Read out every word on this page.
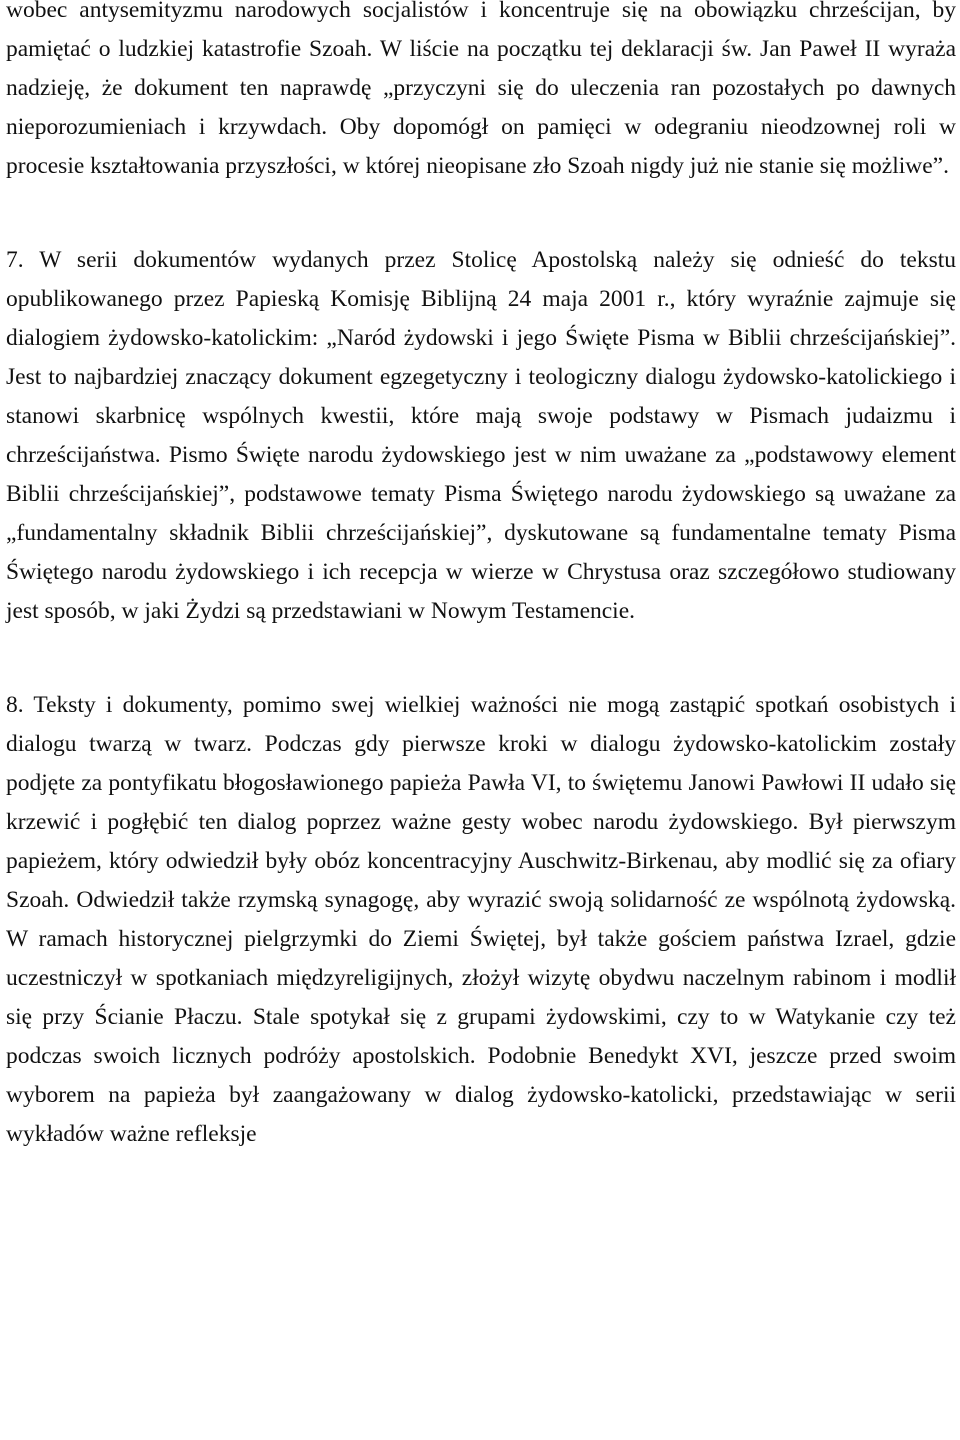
wobec antysemityzmu narodowych socjalistów i koncentruje się na obowiązku chrześcijan, by pamiętać o ludzkiej katastrofie Szoah. W liście na początku tej deklaracji św. Jan Paweł II wyraża nadzieję, że dokument ten naprawdę „przyczyni się do uleczenia ran pozostałych po dawnych nieporozumieniach i krzywdach. Oby dopomógł on pamięci w odegraniu nieodzownej roli w procesie kształtowania przyszłości, w której nieopisane zło Szoah nigdy już nie stanie się możliwe”.

7. W serii dokumentów wydanych przez Stolicę Apostolską należy się odnieść do tekstu opublikowanego przez Papieską Komisję Biblijną 24 maja 2001 r., który wyraźnie zajmuje się dialogiem żydowsko-katolickim: „Naród żydowski i jego Święte Pisma w Biblii chrześcijańskiej”. Jest to najbardziej znaczący dokument egzegetyczny i teologiczny dialogu żydowsko-katolickiego i stanowi skarbnicę wspólnych kwestii, które mają swoje podstawy w Pismach judaizmu i chrześcijaństwa. Pismo Święte narodu żydowskiego jest w nim uważane za „podstawowy element Biblii chrześcijańskiej”, podstawowe tematy Pisma Świętego narodu żydowskiego są uważane za „fundamentalny składnik Biblii chrześcijańskiej”, dyskutowane są fundamentalne tematy Pisma Świętego narodu żydowskiego i ich recepcja w wierze w Chrystusa oraz szczegółowo studiowany jest sposób, w jaki Żydzi są przedstawiani w Nowym Testamencie.

8. Teksty i dokumenty, pomimo swej wielkiej ważności nie mogą zastąpić spotkań osobistych i dialogu twarzą w twarz. Podczas gdy pierwsze kroki w dialogu żydowsko-katolickim zostały podjęte za pontyfikatu błogosławionego papieża Pawła VI, to świętemu Janowi Pawłowi II udało się krzewić i pogłębić ten dialog poprzez ważne gesty wobec narodu żydowskiego. Był pierwszym papieżem, który odwiedził były obóz koncentracyjny Auschwitz-Birkenau, aby modlić się za ofiary Szoah. Odwiedził także rzymską synagogę, aby wyrazić swoją solidarność ze wspólnotą żydowską. W ramach historycznej pielgrzymki do Ziemi Świętej, był także gościem państwa Izrael, gdzie uczestniczył w spotkaniach międzyreligijnych, złożył wizytę obydwu naczelnym rabinom i modlił się przy Ścianie Płaczu. Stale spotykał się z grupami żydowskimi, czy to w Watykanie czy też podczas swoich licznych podróży apostolskich. Podobnie Benedykt XVI, jeszcze przed swoim wyborem na papieża był zaangażowany w dialog żydowsko-katolicki, przedstawiając w serii wykładów ważne refleksje
